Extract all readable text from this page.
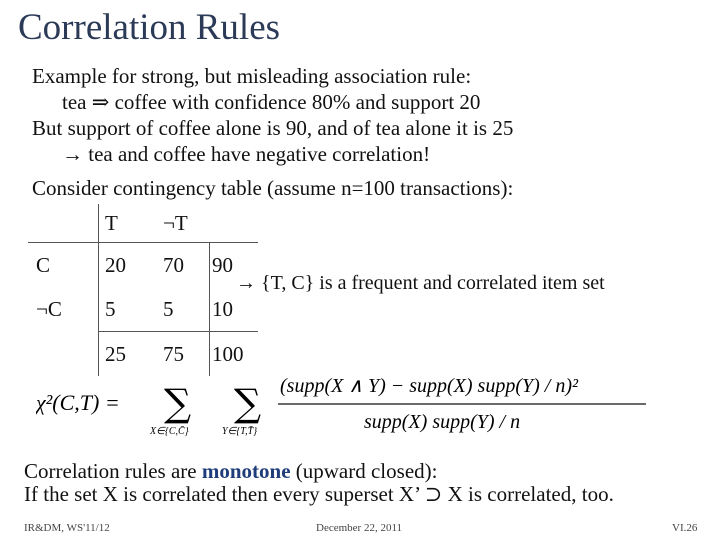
Correlation Rules
Example for strong, but misleading association rule:
tea ⇒ coffee with confidence 80% and support 20
But support of coffee alone is 90, and of tea alone it is 25
→ tea and coffee have negative correlation!
Consider contingency table (assume n=100 transactions):
	T	¬T	
C	20	70	90
¬C	5	5	10
	25	75	100
→ {T, C} is a frequent and correlated item set
χ²(C,T) = ∑
X∈{C,C̄}
∑
Y∈{T,T̄}
(supp(X ∧ Y) − supp(X) supp(Y) / n)²
supp(X) supp(Y) / n
Correlation rules are monotone (upward closed):
If the set X is correlated then every superset X’ ⊃ X is correlated, too.
IR&DM, WS'11/12	December 22, 2011	VI.26
